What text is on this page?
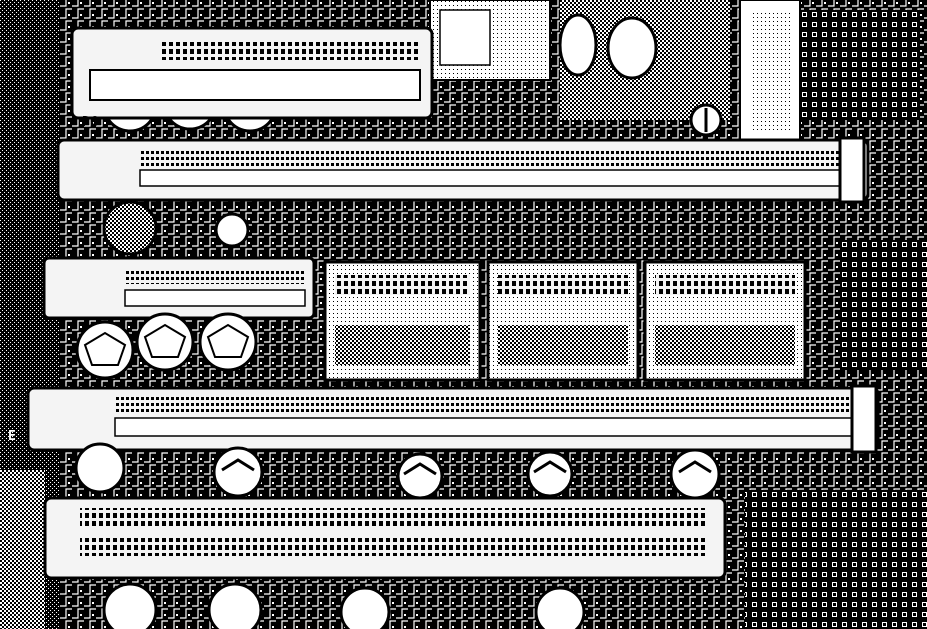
PC
E
